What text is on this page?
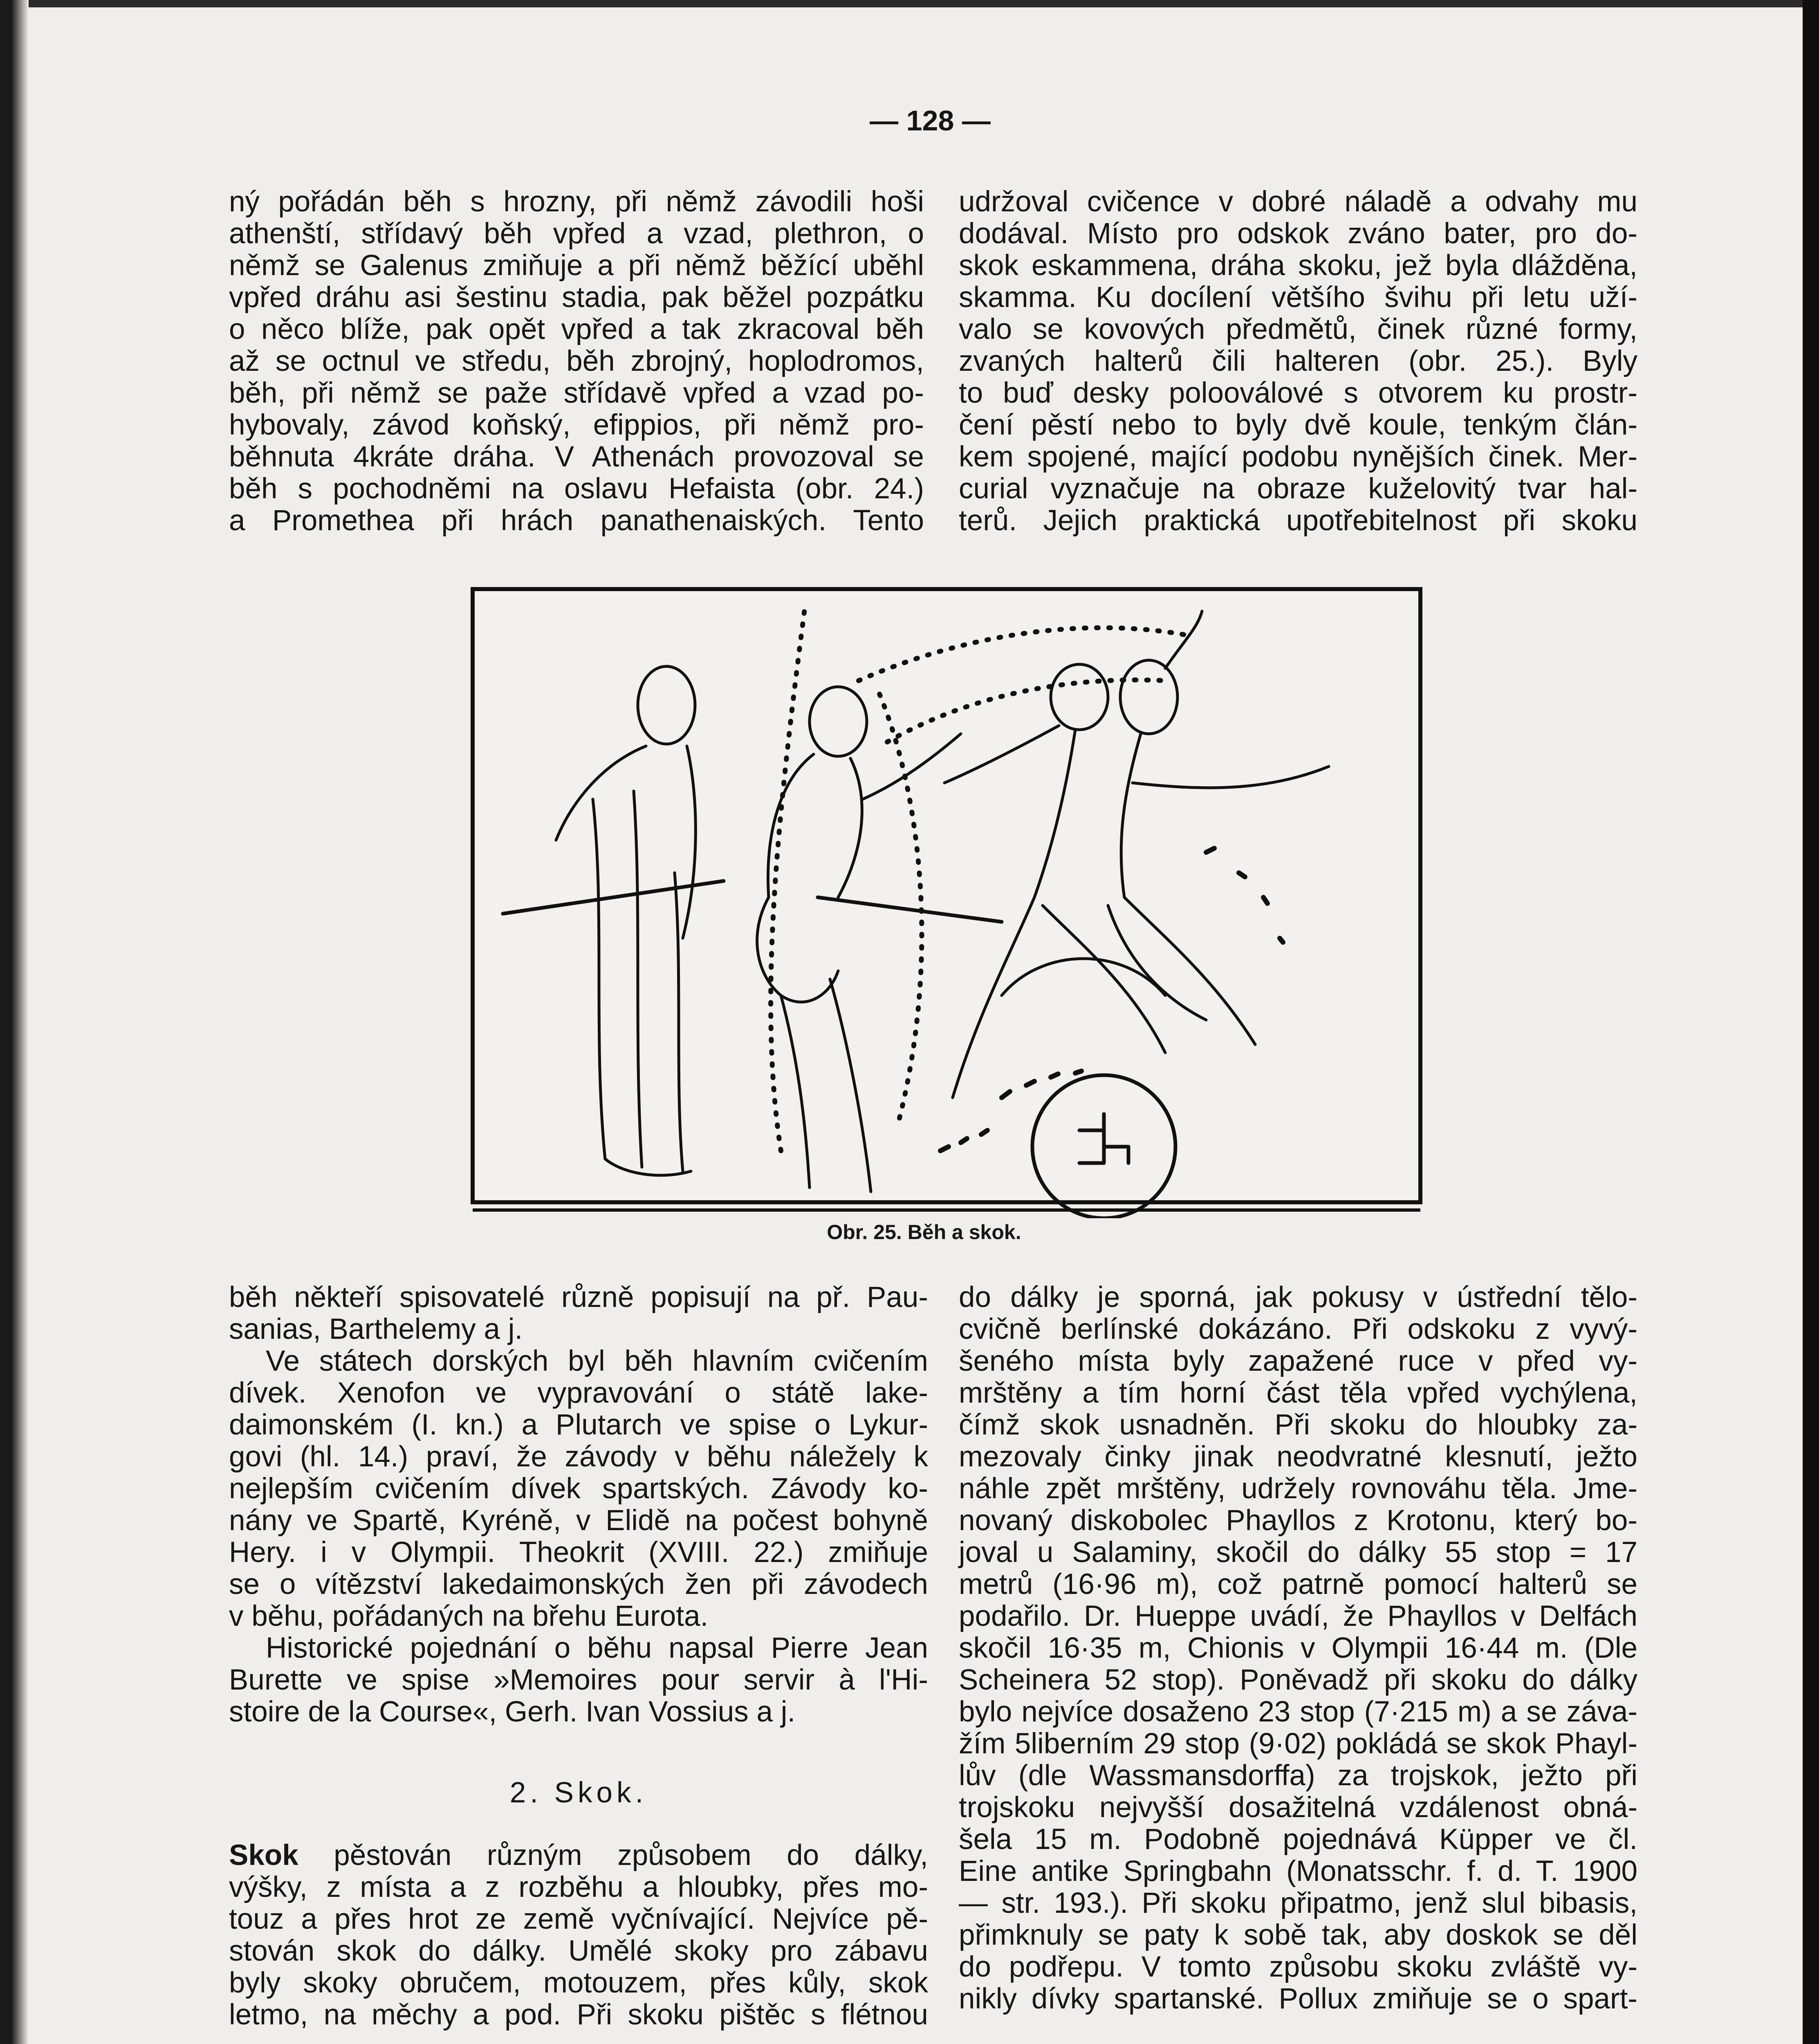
— 128 —
ný pořádán běh s hrozny, při němž závodili hoši
athenští, střídavý běh vpřed a vzad, plethron, o
němž se Galenus zmiňuje a při němž běžící uběhl
vpřed dráhu asi šestinu stadia, pak běžel pozpátku
o něco blíže, pak opět vpřed a tak zkracoval běh
až se octnul ve středu, běh zbrojný, hoplodromos,
běh, při němž se paže střídavě vpřed a vzad po-
hybovaly, závod koňský, efippios, při němž pro-
běhnuta 4kráte dráha. V Athenách provozoval se
běh s pochodněmi na oslavu Hefaista (obr. 24.)
a Promethea při hrách panathenaiských. Tento
udržoval cvičence v dobré náladě a odvahy mu
dodával. Místo pro odskok zváno bater, pro do-
skok eskammena, dráha skoku, jež byla dlážděna,
skamma. Ku docílení většího švihu při letu uží-
valo se kovových předmětů, činek různé formy,
zvaných halterů čili halteren (obr. 25.). Byly
to buď desky polooválové s otvorem ku prostr-
čení pěstí nebo to byly dvě koule, tenkým člán-
kem spojené, mající podobu nynějších činek. Mer-
curial vyznačuje na obraze kuželovitý tvar hal-
terů. Jejich praktická upotřebitelnost při skoku
Obr. 25. Běh a skok.
běh někteří spisovatelé různě popisují na př. Pau-
sanias, Barthelemy a j.
Ve státech dorských byl běh hlavním cvičením
dívek. Xenofon ve vypravování o státě lake-
daimonském (I. kn.) a Plutarch ve spise o Lykur-
govi (hl. 14.) praví, že závody v běhu náležely k
nejlepším cvičením dívek spartských. Závody ko-
nány ve Spartě, Kyréně, v Elidě na počest bohyně
Hery. i v Olympii. Theokrit (XVIII. 22.) zmiňuje
se o vítězství lakedaimonských žen při závodech
v běhu, pořádaných na břehu Eurota.
Historické pojednání o běhu napsal Pierre Jean
Burette ve spise »Memoires pour servir à l'Hi-
stoire de la Course«, Gerh. Ivan Vossius a j.

2. Skok.

Skok pěstován různým způsobem do dálky,
výšky, z místa a z rozběhu a hloubky, přes mo-
touz a přes hrot ze země vyčnívající. Nejvíce pě-
stován skok do dálky. Umělé skoky pro zábavu
byly skoky obručem, motouzem, přes kůly, skok
letmo, na měchy a pod. Při skoku pištěc s flétnou
do dálky je sporná, jak pokusy v ústřední tělo-
cvičně berlínské dokázáno. Při odskoku z vyvý-
šeného místa byly zapažené ruce v před vy-
mrštěny a tím horní část těla vpřed vychýlena,
čímž skok usnadněn. Při skoku do hloubky za-
mezovaly činky jinak neodvratné klesnutí, ježto
náhle zpět mrštěny, udržely rovnováhu těla. Jme-
novaný diskobolec Phayllos z Krotonu, který bo-
joval u Salaminy, skočil do dálky 55 stop = 17
metrů (16·96 m), což patrně pomocí halterů se
podařilo. Dr. Hueppe uvádí, že Phayllos v Delfách
skočil 16·35 m, Chionis v Olympii 16·44 m. (Dle
Scheinera 52 stop). Poněvadž při skoku do dálky
bylo nejvíce dosaženo 23 stop (7·215 m) a se záva-
žím 5liberním 29 stop (9·02) pokládá se skok Phayl-
lův (dle Wassmansdorffa) za trojskok, ježto při
trojskoku nejvyšší dosažitelná vzdálenost obná-
šela 15 m. Podobně pojednává Küpper ve čl.
Eine antike Springbahn (Monatsschr. f. d. T. 1900
— str. 193.). Při skoku připatmo, jenž slul bibasis,
přimknuly se paty k sobě tak, aby doskok se děl
do podřepu. V tomto způsobu skoku zvláště vy-
nikly dívky spartanské. Pollux zmiňuje se o spart-
